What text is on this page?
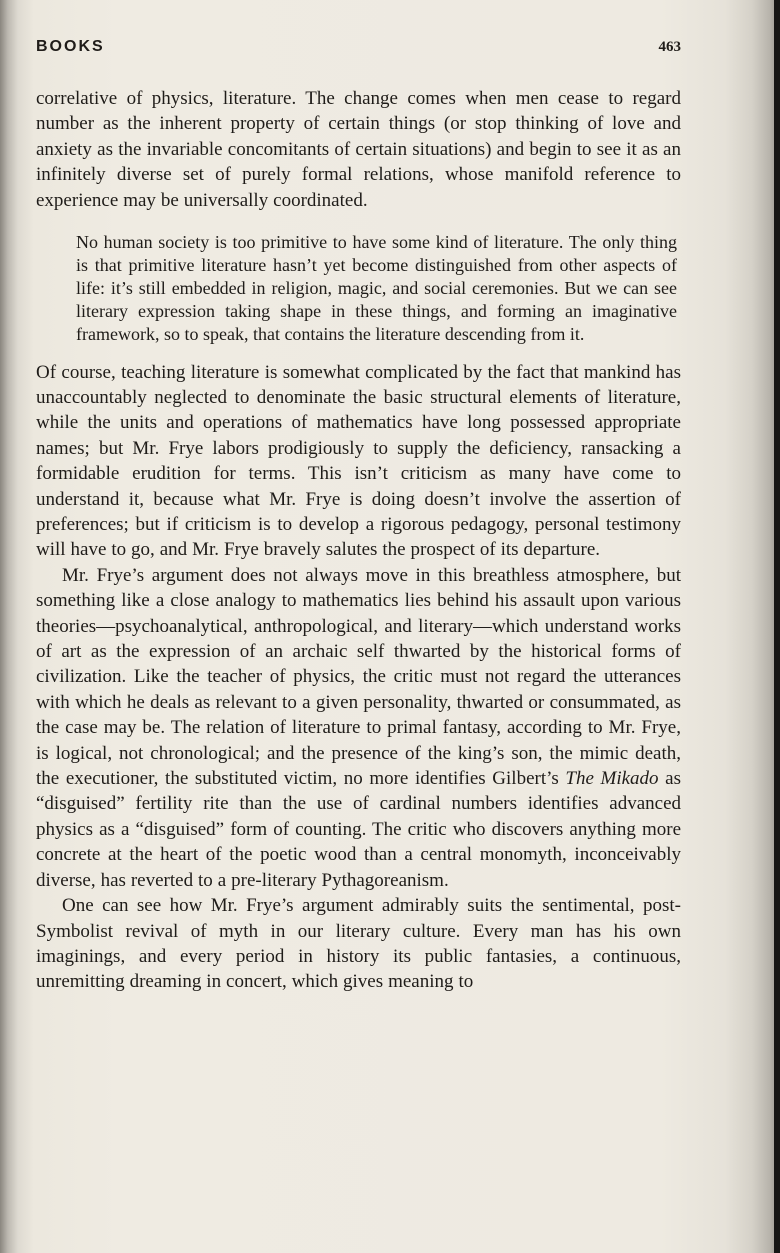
BOOKS	463

correlative of physics, literature. The change comes when men cease to regard number as the inherent property of certain things (or stop thinking of love and anxiety as the invariable concomitants of certain situations) and begin to see it as an infinitely diverse set of purely formal relations, whose manifold reference to experience may be universally coordinated.

No human society is too primitive to have some kind of literature. The only thing is that primitive literature hasn’t yet become distinguished from other aspects of life: it’s still embedded in religion, magic, and social ceremonies. But we can see literary expression taking shape in these things, and forming an imaginative framework, so to speak, that contains the literature descending from it.

Of course, teaching literature is somewhat complicated by the fact that mankind has unaccountably neglected to denominate the basic structural elements of literature, while the units and operations of mathematics have long possessed appropriate names; but Mr. Frye labors prodigiously to supply the deficiency, ransacking a formidable erudition for terms. This isn’t criticism as many have come to understand it, because what Mr. Frye is doing doesn’t involve the assertion of preferences; but if criticism is to develop a rigorous pedagogy, personal testimony will have to go, and Mr. Frye bravely salutes the prospect of its departure.

Mr. Frye’s argument does not always move in this breathless atmosphere, but something like a close analogy to mathematics lies behind his assault upon various theories—psychoanalytical, anthropological, and literary—which understand works of art as the expression of an archaic self thwarted by the historical forms of civilization. Like the teacher of physics, the critic must not regard the utterances with which he deals as relevant to a given personality, thwarted or consummated, as the case may be. The relation of literature to primal fantasy, according to Mr. Frye, is logical, not chronological; and the presence of the king’s son, the mimic death, the executioner, the substituted victim, no more identifies Gilbert’s The Mikado as “disguised” fertility rite than the use of cardinal numbers identifies advanced physics as a “disguised” form of counting. The critic who discovers anything more concrete at the heart of the poetic wood than a central monomyth, inconceivably diverse, has reverted to a pre-literary Pythagoreanism.

One can see how Mr. Frye’s argument admirably suits the sentimental, post-Symbolist revival of myth in our literary culture. Every man has his own imaginings, and every period in history its public fantasies, a continuous, unremitting dreaming in concert, which gives meaning to
